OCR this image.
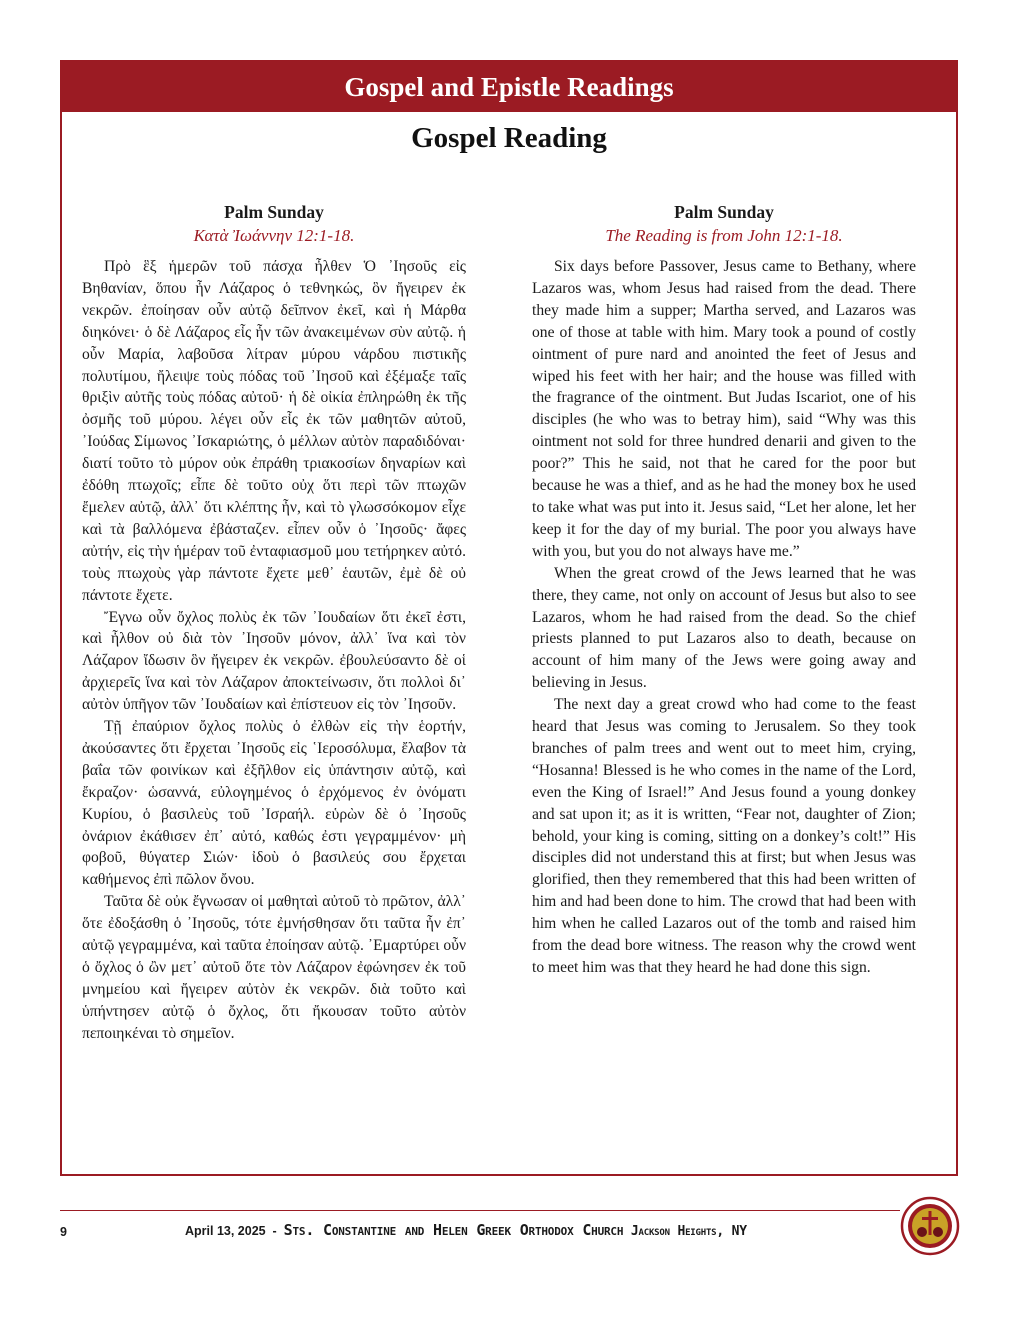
Gospel and Epistle Readings
Gospel Reading
Palm Sunday
Κατὰ Ἰωάννην 12:1-18.

Πρὸ ἓξ ἡμερῶν τοῦ πάσχα ἦλθεν Ὁ ᾿Ιησοῦς εἰς Βηθανίαν, ὅπου ἦν Λάζαρος ὁ τεθνηκώς, ὃν ἤγειρεν ἐκ νεκρῶν. ἐποίησαν οὖν αὐτῷ δεῖπνον ἐκεῖ, καὶ ἡ Μάρθα διηκόνει· ὁ δὲ Λάζαρος εἷς ἦν τῶν ἀνακειμένων σὺν αὐτῷ. ἡ οὖν Μαρία, λαβοῦσα λίτραν μύρου νάρδου πιστικῆς πολυτίμου, ἤλειψε τοὺς πόδας τοῦ ᾿Ιησοῦ καὶ ἐξέμαξε ταῖς θριξὶν αὐτῆς τοὺς πόδας αὐτοῦ· ἡ δὲ οἰκία ἐπληρώθη ἐκ τῆς ὀσμῆς τοῦ μύρου. λέγει οὖν εἷς ἐκ τῶν μαθητῶν αὐτοῦ, ᾿Ιούδας Σίμωνος ᾿Ισκαριώτης, ὁ μέλλων αὐτὸν παραδιδόναι· διατί τοῦτο τὸ μύρον οὐκ ἐπράθη τριακοσίων δηναρίων καὶ ἐδόθη πτωχοῖς; εἶπε δὲ τοῦτο οὐχ ὅτι περὶ τῶν πτωχῶν ἔμελεν αὐτῷ, ἀλλ᾿ ὅτι κλέπτης ἦν, καὶ τὸ γλωσσόκομον εἶχε καὶ τὰ βαλλόμενα ἐβάσταζεν. εἶπεν οὖν ὁ ᾿Ιησοῦς· ἄφες αὐτήν, εἰς τὴν ἡμέραν τοῦ ἐνταφιασμοῦ μου τετήρηκεν αὐτό. τοὺς πτωχοὺς γὰρ πάντοτε ἔχετε μεθ᾿ ἑαυτῶν, ἐμὲ δὲ οὐ πάντοτε ἔχετε.

Ἔγνω οὖν ὄχλος πολὺς ἐκ τῶν ᾿Ιουδαίων ὅτι ἐκεῖ ἐστι, καὶ ἦλθον οὐ διὰ τὸν ᾿Ιησοῦν μόνον, ἀλλ᾿ ἵνα καὶ τὸν Λάζαρον ἴδωσιν ὃν ἤγειρεν ἐκ νεκρῶν. ἐβουλεύσαντο δὲ οἱ ἀρχιερεῖς ἵνα καὶ τὸν Λάζαρον ἀποκτείνωσιν, ὅτι πολλοὶ δι᾿ αὐτὸν ὑπῆγον τῶν ᾿Ιουδαίων καὶ ἐπίστευον εἰς τὸν ᾿Ιησοῦν.

Τῇ ἐπαύριον ὄχλος πολὺς ὁ ἐλθὼν εἰς τὴν ἑορτήν, ἀκούσαντες ὅτι ἔρχεται ᾿Ιησοῦς εἰς ῾Ιεροσόλυμα, ἔλαβον τὰ βαΐα τῶν φοινίκων καὶ ἐξῆλθον εἰς ὑπάντησιν αὐτῷ, καὶ ἔκραζον· ὡσαννά, εὐλογημένος ὁ ἐρχόμενος ἐν ὀνόματι Κυρίου, ὁ βασιλεὺς τοῦ ᾿Ισραήλ. εὑρὼν δὲ ὁ ᾿Ιησοῦς ὀνάριον ἐκάθισεν ἐπ᾿ αὐτό, καθώς ἐστι γεγραμμένον· μὴ φοβοῦ, θύγατερ Σιών· ἰδοὺ ὁ βασιλεύς σου ἔρχεται καθήμενος ἐπὶ πῶλον ὄνου.

Ταῦτα δὲ οὐκ ἔγνωσαν οἱ μαθηταὶ αὐτοῦ τὸ πρῶτον, ἀλλ᾿ ὅτε ἐδοξάσθη ὁ ᾿Ιησοῦς, τότε ἐμνήσθησαν ὅτι ταῦτα ἦν ἐπ᾿ αὐτῷ γεγραμμένα, καὶ ταῦτα ἐποίησαν αὐτῷ. ᾿Εμαρτύρει οὖν ὁ ὄχλος ὁ ὢν μετ᾿ αὐτοῦ ὅτε τὸν Λάζαρον ἐφώνησεν ἐκ τοῦ μνημείου καὶ ἤγειρεν αὐτὸν ἐκ νεκρῶν. διὰ τοῦτο καὶ ὑπήντησεν αὐτῷ ὁ ὄχλος, ὅτι ἤκουσαν τοῦτο αὐτὸν πεποιηκέναι τὸ σημεῖον.

Palm Sunday
The Reading is from John 12:1-18.

Six days before Passover, Jesus came to Bethany, where Lazaros was, whom Jesus had raised from the dead. There they made him a supper; Martha served, and Lazaros was one of those at table with him. Mary took a pound of costly ointment of pure nard and anointed the feet of Jesus and wiped his feet with her hair; and the house was filled with the fragrance of the ointment. But Judas Iscariot, one of his disciples (he who was to betray him), said “Why was this ointment not sold for three hundred denarii and given to the poor?” This he said, not that he cared for the poor but because he was a thief, and as he had the money box he used to take what was put into it. Jesus said, “Let her alone, let her keep it for the day of my burial. The poor you always have with you, but you do not always have me.”

When the great crowd of the Jews learned that he was there, they came, not only on account of Jesus but also to see Lazaros, whom he had raised from the dead. So the chief priests planned to put Lazaros also to death, because on account of him many of the Jews were going away and believing in Jesus.

The next day a great crowd who had come to the feast heard that Jesus was coming to Jerusalem. So they took branches of palm trees and went out to meet him, crying, “Hosanna! Blessed is he who comes in the name of the Lord, even the King of Israel!” And Jesus found a young donkey and sat upon it; as it is written, “Fear not, daughter of Zion; behold, your king is coming, sitting on a donkey’s colt!” His disciples did not understand this at first; but when Jesus was glorified, then they remembered that this had been written of him and had been done to him. The crowd that had been with him when he called Lazaros out of the tomb and raised him from the dead bore witness. The reason why the crowd went to meet him was that they heard he had done this sign.

9	April 13, 2025  -  Sts. Constantine and Helen Greek Orthodox Church Jackson Heights, NY
